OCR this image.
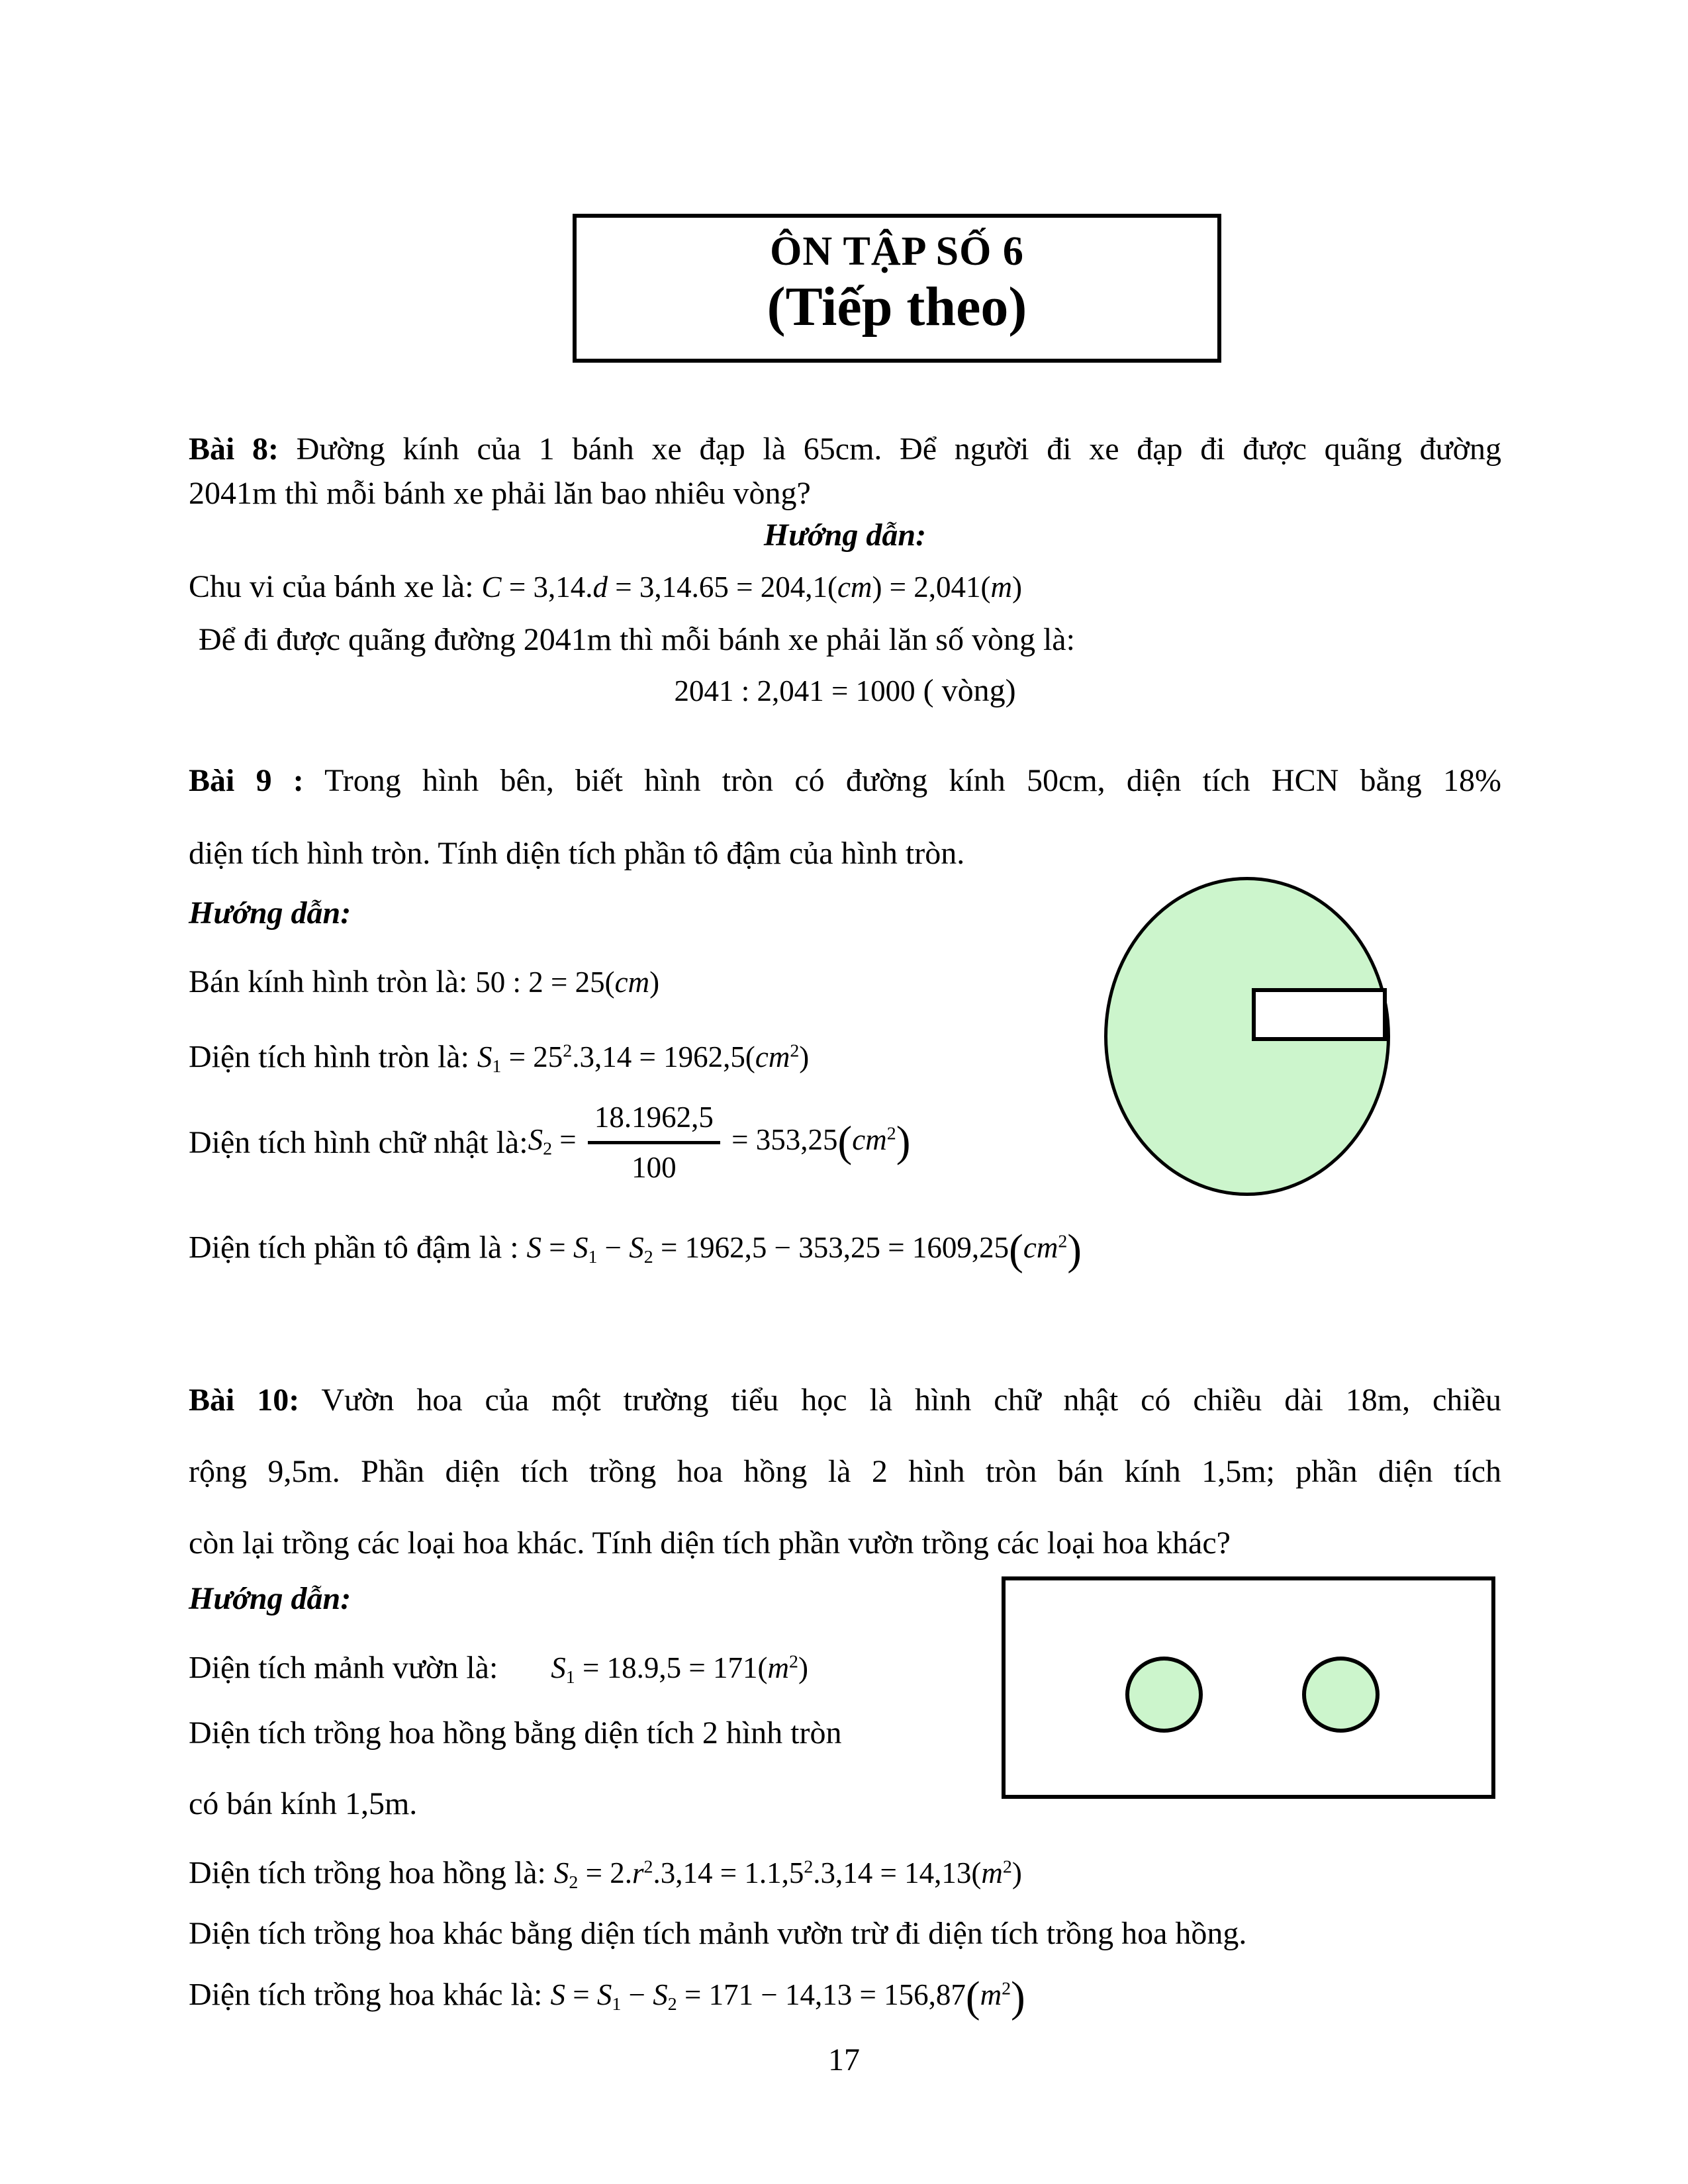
ÔN TẬP SỐ 6
(Tiếp theo)
Bài 8: Đường kính của 1 bánh xe đạp là 65cm. Để người đi xe đạp đi được quãng đường
2041m thì mỗi bánh xe phải lăn bao nhiêu vòng?
Hướng dẫn:
Chu vi của bánh xe là: C = 3,14.d = 3,14.65 = 204,1(cm) = 2,041(m)
Để đi được quãng đường 2041m thì mỗi bánh xe phải lăn số vòng là:
2041 : 2,041 = 1000 ( vòng)
Bài 9 : Trong hình bên, biết hình tròn có đường kính 50cm, diện tích HCN bằng 18%
diện tích hình tròn. Tính diện tích phần tô đậm của hình tròn.
Hướng dẫn:
Bán kính hình tròn là: 50 : 2 = 25(cm)
Diện tích hình tròn là: $S_1 = 25^2.3,14 = 1962,5(cm^2)$
Diện tích hình chữ nhật là: $S_2 = \frac{18.1962,5}{100} = 353,25(cm^2)$
Diện tích phần tô đậm là : $S = S_1 - S_2 = 1962,5 - 353,25 = 1609,25(cm^2)$
Bài 10: Vườn hoa của một trường tiểu học là hình chữ nhật có chiều dài 18m, chiều
rộng 9,5m. Phần diện tích trồng hoa hồng là 2 hình tròn bán kính 1,5m; phần diện tích
còn lại trồng các loại hoa khác. Tính diện tích phần vườn trồng các loại hoa khác?
Hướng dẫn:
Diện tích mảnh vườn là: $S_1 = 18.9,5 = 171(m^2)$
Diện tích trồng hoa hồng bằng diện tích 2 hình tròn
có bán kính 1,5m.
Diện tích trồng hoa hồng là: $S_2 = 2.r^2.3,14 = 1.1,5^2.3,14 = 14,13(m^2)$
Diện tích trồng hoa khác bằng diện tích mảnh vườn trừ đi diện tích trồng hoa hồng.
Diện tích trồng hoa khác là: $S = S_1 - S_2 = 171 - 14,13 = 156,87(m^2)$
17
